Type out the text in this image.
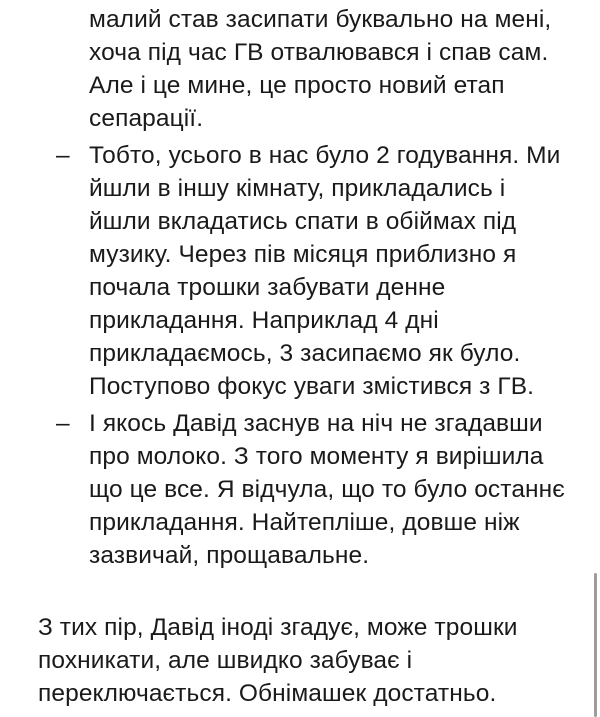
малий став засипати буквально на мені,
хоча під час ГВ отвалювався і спав сам.
Але і це мине, це просто новий етап
сепарації.
– Тобто, усього в нас було 2 годування. Ми
йшли в іншу кімнату, прикладались і
йшли вкладатись спати в обіймах під
музику. Через пів місяця приблизно я
почала трошки забувати денне
прикладання. Наприклад 4 дні
прикладаємось, 3 засипаємо як було.
Поступово фокус уваги змістився з ГВ.
– І якось Давід заснув на ніч не згадавши
про молоко. З того моменту я вирішила
що це все. Я відчула, що то було останнє
прикладання. Найтепліше, довше ніж
зазвичай, прощавальне.
З тих пір, Давід іноді згадує, може трошки
похникати, але швидко забуває і
переключається. Обнімашек достатньо.
